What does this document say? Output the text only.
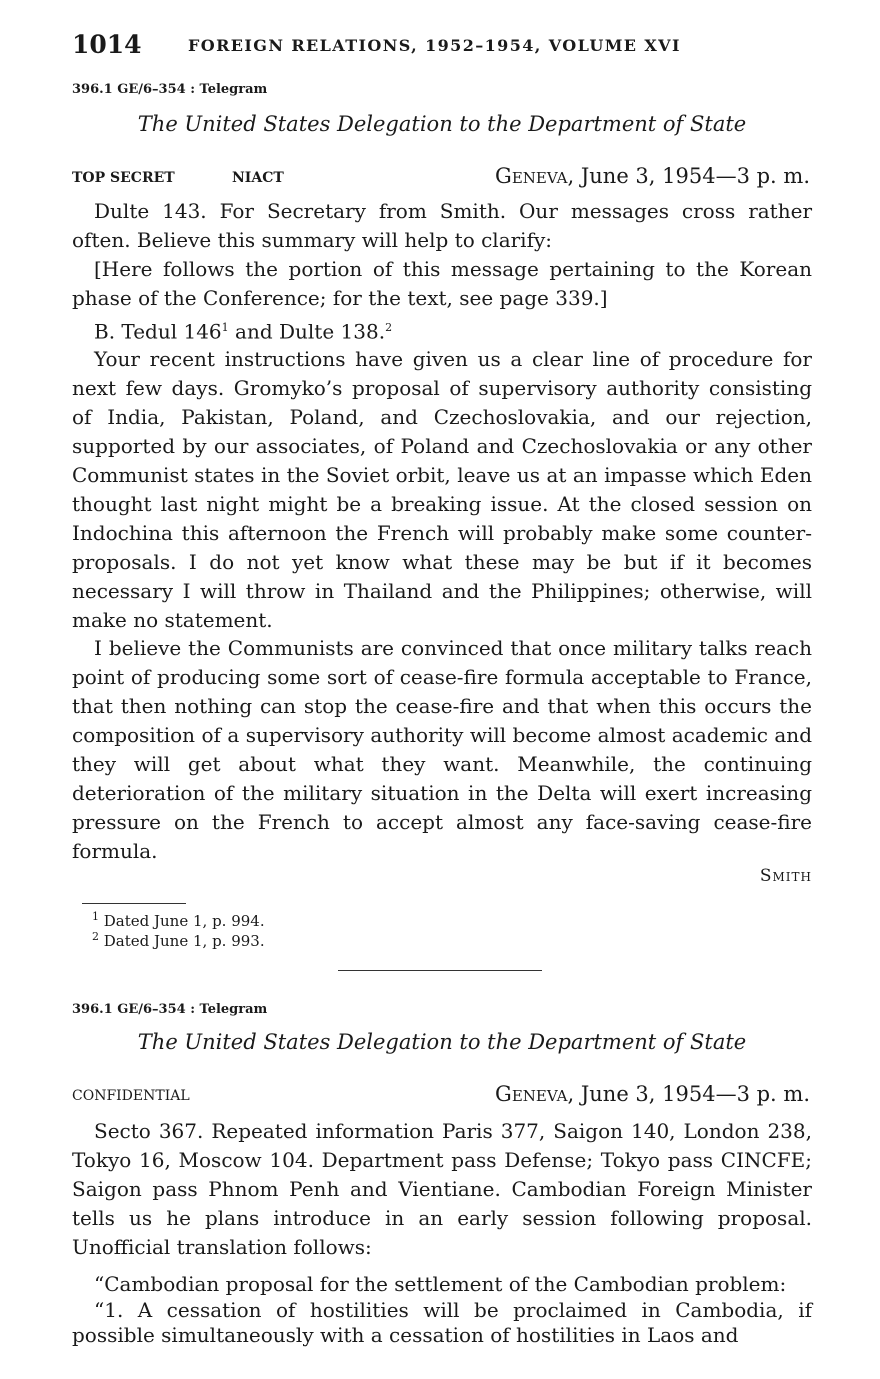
1014	FOREIGN RELATIONS, 1952–1954, VOLUME XVI
396.1 GE/6–354 : Telegram
The United States Delegation to the Department of State
TOP SECRET	NIACT	Geneva, June 3, 1954—3 p. m.

Dulte 143. For Secretary from Smith. Our messages cross rather often. Believe this summary will help to clarify:

[Here follows the portion of this message pertaining to the Korean phase of the Conference; for the text, see page 339.]

B. Tedul $146^1$ and Dulte 138.$^2$

Your recent instructions have given us a clear line of procedure for next few days. Gromyko’s proposal of supervisory authority consisting of India, Pakistan, Poland, and Czechoslovakia, and our rejection, supported by our associates, of Poland and Czechoslovakia or any other Communist states in the Soviet orbit, leave us at an impasse which Eden thought last night might be a breaking issue. At the closed session on Indochina this afternoon the French will probably make some counter-proposals. I do not yet know what these may be but if it becomes necessary I will throw in Thailand and the Philippines; otherwise, will make no statement.

I believe the Communists are convinced that once military talks reach point of producing some sort of cease-fire formula acceptable to France, that then nothing can stop the cease-fire and that when this occurs the composition of a supervisory authority will become almost academic and they will get about what they want. Meanwhile, the continuing deterioration of the military situation in the Delta will exert increasing pressure on the French to accept almost any face-saving cease-fire formula.

Smith
$^1$ Dated June 1, p. 994.
$^2$ Dated June 1, p. 993.
396.1 GE/6–354 : Telegram
The United States Delegation to the Department of State
CONFIDENTIAL	Geneva, June 3, 1954—3 p. m.

Secto 367. Repeated information Paris 377, Saigon 140, London 238, Tokyo 16, Moscow 104. Department pass Defense; Tokyo pass CINCFE; Saigon pass Phnom Penh and Vientiane. Cambodian Foreign Minister tells us he plans introduce in an early session following proposal. Unofficial translation follows:

“Cambodian proposal for the settlement of the Cambodian problem:

“1. A cessation of hostilities will be proclaimed in Cambodia, if possible simultaneously with a cessation of hostilities in Laos and
